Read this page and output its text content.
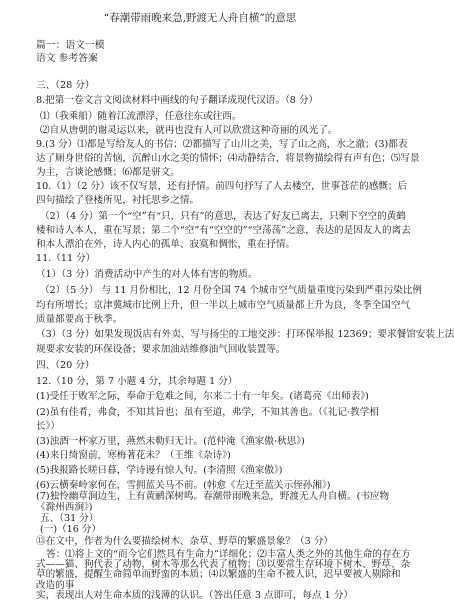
“春潮带雨晚来急,野渡无人舟自横”的意思
篇一：语文一模
语文 参考答案
三、（28 分）
8.把第一卷文言文阅读材料中画线的句子翻译成现代汉语。（8 分）
⑴（我乘船）随着江流漂浮，任意往东或往西。
⑵自从唐朝的谢灵运以来，就再也没有人可以欣赏这种奇丽的风光了。
9.(3 分）⑴都是写给友人的书信；⑵都描写了山川之美，写了山之高，水之澈；(3)都表
达了厕身世俗的苦恼，沉醉山水之美的情怀；⑷动静结合，将景物描绘得有声有色；⑸写景
为主，言谈论感慨；⑹都是骈文。
10.（1）（2 分）该不仅写景，还有抒情。前四句抒写了人去楼空，世事苍茫的感慨；后
四句描绘了登楼所见，衬托思乡之情。
（2）（4 分）第一个“空”有“只，只有”的意思，表达了好友已离去，只剩下空空的黄鹤
楼和诗人本人，重在写景；第二个“空”有“空空的”“空荡荡”之意，表达的是因友人的离去
和本人漂泊在外，诗人内心的孤单、寂寞和惆怅，重在抒情。
11.（11 分）
（1）（3 分）消费活动中产生的对人体有害的物质。
（2）（5 分） 与 11 月份相比，12 月份全国 74 个城市空气质量重度污染到严重污染比例
均有所增长；京津冀城市比例上升，但一半以上城市空气质量都上升为良，冬季全国空气
质量都要高于秋季。
（3）（3 分）如果发现饭店有外卖、写与扬尘的工地交涉：打环保举报 12369；要求餐馆安装上法
规要求安装的环保设备；要求加油站维修油气回收装置等。
四、（20 分）
12.（10 分，第 7 小题 4 分，其余每题 1 分）
(1)受任于败军之际，奉命于危难之间，尔来二十有一年矣。(诸葛亮《出师表》)
(2)虽有佳肴，弗食，不知其旨也；虽有至道，弗学，不知其善也。（《礼记·教学相
长》）
(3)浊酒一杯家万里，燕然未勒归无计。(范仲淹《渔家傲·秋思》)
(4)来日绮窗前，寒梅著花未？（王维《杂诗》)
(5)我报路长嗟日暮，学诗谩有惊人句。(李清照《渔家傲》)
(6)云横秦岭家何在，雪拥蓝关马不前。(韩愈《左迁至蓝关示侄孙湘》)
(7)独怜幽草涧边生，上有黄鹂深树鸣。春潮带雨晚来急，野渡无人舟自横。(韦应物
《滁州西涧》)
五、（31 分）
(一)（16 分）
⑬在文中，作者为什么要描绘树木、杂草、野草的繁盛景象？（3 分）
答：⑴将上文的“而今它们然具有生命力”详细化；⑵丰富人类之外的其他生命的存在方
式——猫、狗代表了动物，树木等那么代表了植物；⑶以要常生存环境下树木、野草、杂
草的繁盛，提醒生命简单而野蛮的本质；⑷以繁盛的生命不被人识，迟早要被人剔除和
改造的事
实，表现出人对生命本质的浅薄的认识。（答出任意 3 点即可，每点 1 分）
